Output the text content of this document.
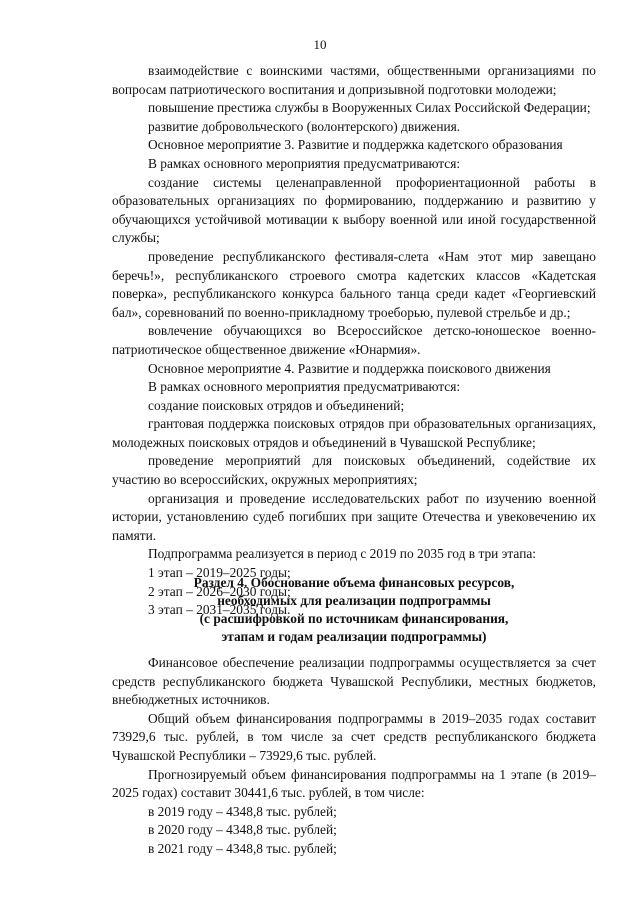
10

взаимодействие с воинскими частями, общественными организациями по вопросам патриотического воспитания и допризывной подготовки молодежи;

повышение престижа службы в Вооруженных Силах Российской Федерации;

развитие добровольческого (волонтерского) движения.

Основное мероприятие 3. Развитие и поддержка кадетского образования

В рамках основного мероприятия предусматриваются:

создание системы целенаправленной профориентационной работы в образовательных организациях по формированию, поддержанию и развитию у обучающихся устойчивой мотивации к выбору военной или иной государственной службы;

проведение республиканского фестиваля-слета «Нам этот мир завещано беречь!», республиканского строевого смотра кадетских классов «Кадетская поверка», республиканского конкурса бального танца среди кадет «Георгиевский бал», соревнований по военно-прикладному троеборью, пулевой стрельбе и др.;

вовлечение обучающихся во Всероссийское детско-юношеское военно-патриотическое общественное движение «Юнармия».

Основное мероприятие 4. Развитие и поддержка поискового движения

В рамках основного мероприятия предусматриваются:

создание поисковых отрядов и объединений;

грантовая поддержка поисковых отрядов при образовательных организациях, молодежных поисковых отрядов и объединений в Чувашской Республике;

проведение мероприятий для поисковых объединений, содействие их участию во всероссийских, окружных мероприятиях;

организация и проведение исследовательских работ по изучению военной истории, установлению судеб погибших при защите Отечества и увековечению их памяти.

Подпрограмма реализуется в период с 2019 по 2035 год в три этапа:

1 этап – 2019–2025 годы;

2 этап – 2026–2030 годы;

3 этап – 2031–2035 годы.

Раздел 4. Обоснование объема финансовых ресурсов,
необходимых для реализации подпрограммы
(с расшифровкой по источникам финансирования,
этапам и годам реализации подпрограммы)

Финансовое обеспечение реализации подпрограммы осуществляется за счет средств республиканского бюджета Чувашской Республики, местных бюджетов, внебюджетных источников.

Общий объем финансирования подпрограммы в 2019–2035 годах составит 73929,6 тыс. рублей, в том числе за счет средств республиканского бюджета Чувашской Республики – 73929,6 тыс. рублей.

Прогнозируемый объем финансирования подпрограммы на 1 этапе (в 2019–2025 годах) составит 30441,6 тыс. рублей, в том числе:

в 2019 году – 4348,8 тыс. рублей;

в 2020 году – 4348,8 тыс. рублей;

в 2021 году – 4348,8 тыс. рублей;
